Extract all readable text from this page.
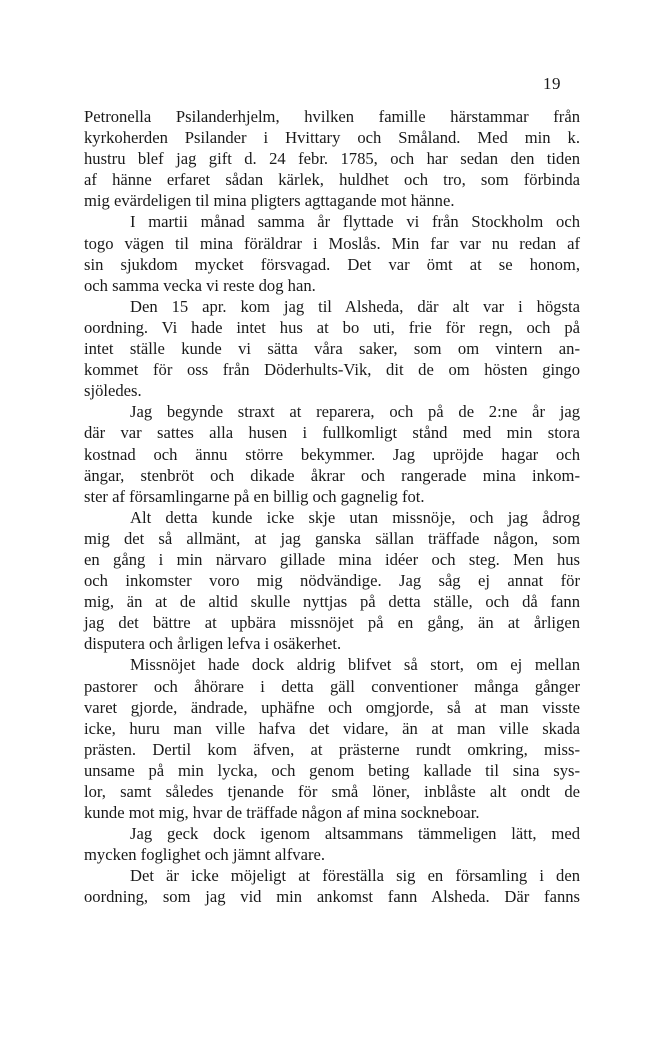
19
Petronella Psilanderhjelm, hvilken famille härstammar från
kyrkoherden Psilander i Hvittary och Småland. Med min k.
hustru blef jag gift d. 24 febr. 1785, och har sedan den tiden
af hänne erfaret sådan kärlek, huldhet och tro, som förbinda
mig evärdeligen til mina pligters agttagande mot hänne.
I martii månad samma år flyttade vi från Stockholm och
togo vägen til mina föräldrar i Moslås. Min far var nu redan af
sin sjukdom mycket försvagad. Det var ömt at se honom,
och samma vecka vi reste dog han.
Den 15 apr. kom jag til Alsheda, där alt var i högsta
oordning. Vi hade intet hus at bo uti, frie för regn, och på
intet ställe kunde vi sätta våra saker, som om vintern an-
kommet för oss från Döderhults-Vik, dit de om hösten gingo
sjöledes.
Jag begynde straxt at reparera, och på de 2:ne år jag
där var sattes alla husen i fullkomligt stånd med min stora
kostnad och ännu större bekymmer. Jag upröjde hagar och
ängar, stenbröt och dikade åkrar och rangerade mina inkom-
ster af församlingarne på en billig och gagnelig fot.
Alt detta kunde icke skje utan missnöje, och jag ådrog
mig det så allmänt, at jag ganska sällan träffade någon, som
en gång i min närvaro gillade mina idéer och steg. Men hus
och inkomster voro mig nödvändige. Jag såg ej annat för
mig, än at de altid skulle nyttjas på detta ställe, och då fann
jag det bättre at upbära missnöjet på en gång, än at årligen
disputera och årligen lefva i osäkerhet.
Missnöjet hade dock aldrig blifvet så stort, om ej mellan
pastorer och åhörare i detta gäll conventioner många gånger
varet gjorde, ändrade, uphäfne och omgjorde, så at man visste
icke, huru man ville hafva det vidare, än at man ville skada
prästen. Dertil kom äfven, at prästerne rundt omkring, miss-
unsame på min lycka, och genom beting kallade til sina sys-
lor, samt således tjenande för små löner, inblåste alt ondt de
kunde mot mig, hvar de träffade någon af mina sockneboar.
Jag geck dock igenom altsammans tämmeligen lätt, med
mycken foglighet och jämnt alfvare.
Det är icke möjeligt at föreställa sig en församling i den
oordning, som jag vid min ankomst fann Alsheda. Där fanns
